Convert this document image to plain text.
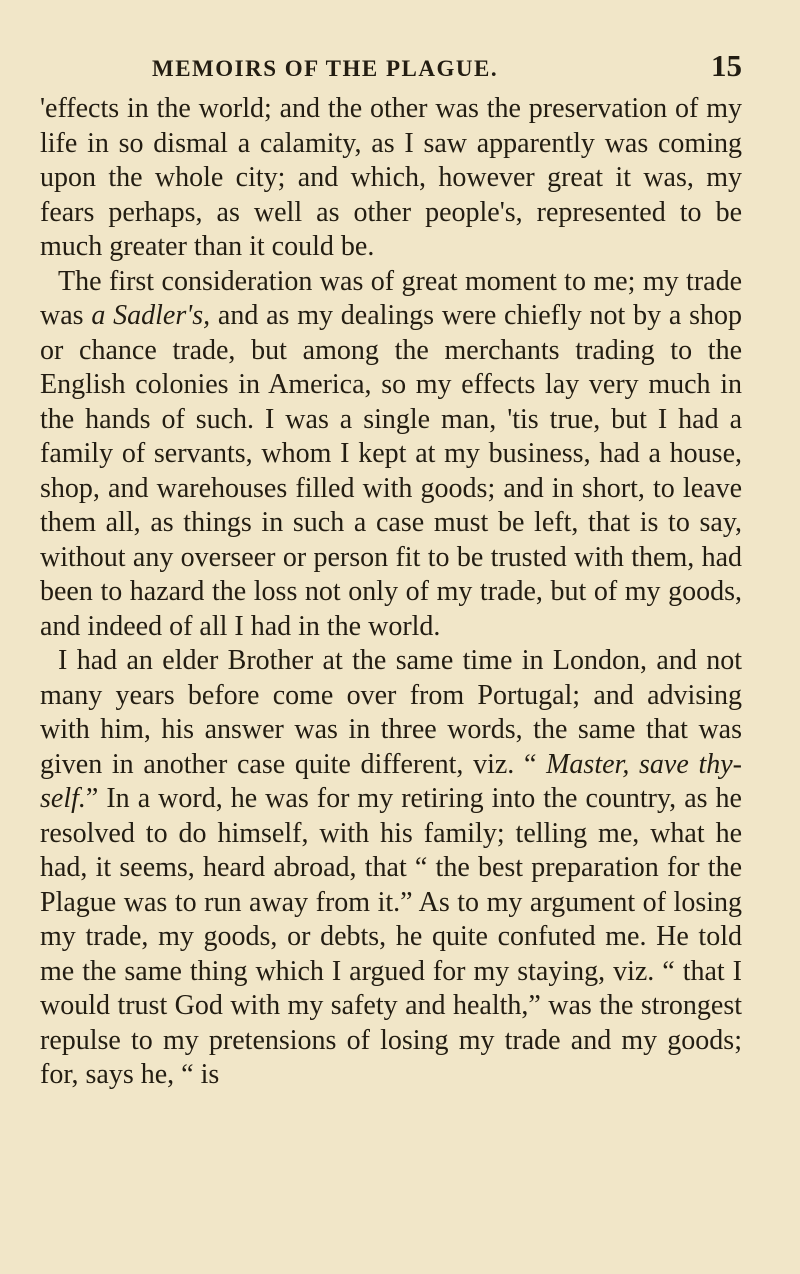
MEMOIRS OF THE PLAGUE.	15

'effects in the world; and the other was the preservation of my life in so dismal a calamity, as I saw apparently was coming upon the whole city; and which, however great it was, my fears perhaps, as well as other people's, represented to be much greater than it could be.

The first consideration was of great moment to me; my trade was a Sadler's, and as my dealings were chiefly not by a shop or chance trade, but among the merchants trading to the English colonies in America, so my effects lay very much in the hands of such. I was a single man, 'tis true, but I had a family of servants, whom I kept at my business, had a house, shop, and warehouses filled with goods; and in short, to leave them all, as things in such a case must be left, that is to say, without any overseer or person fit to be trusted with them, had been to hazard the loss not only of my trade, but of my goods, and indeed of all I had in the world.

I had an elder Brother at the same time in London, and not many years before come over from Portugal; and advising with him, his answer was in three words, the same that was given in another case quite different, viz. “ Master, save thy-self.” In a word, he was for my retiring into the country, as he resolved to do himself, with his family; telling me, what he had, it seems, heard abroad, that “ the best preparation for the Plague was to run away from it.” As to my argument of losing my trade, my goods, or debts, he quite confuted me. He told me the same thing which I argued for my staying, viz. “ that I would trust God with my safety and health,” was the strongest repulse to my pretensions of losing my trade and my goods; for, says he, “ is
